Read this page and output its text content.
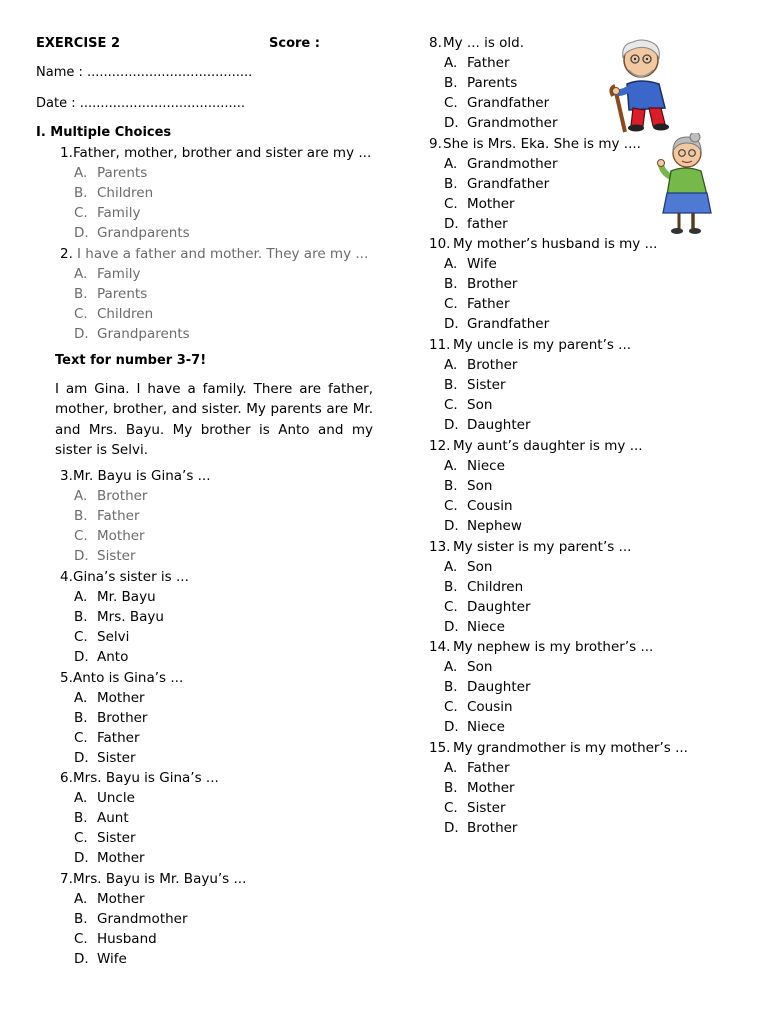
EXERCISE 2	Score :
Name : ........................................
Date : ........................................
I. Multiple Choices
1.Father, mother, brother and sister are my ...
A. Parents
B. Children
C. Family
D. Grandparents
2. I have a father and mother. They are my ...
A. Family
B. Parents
C. Children
D. Grandparents
Text for number 3-7!
I am Gina. I have a family. There are father, mother, brother, and sister. My parents are Mr. and Mrs. Bayu. My brother is Anto and my sister is Selvi.
3.Mr. Bayu is Gina’s ...
A. Brother
B. Father
C. Mother
D. Sister
4.Gina’s sister is ...
A. Mr. Bayu
B. Mrs. Bayu
C. Selvi
D. Anto
5.Anto is Gina’s ...
A. Mother
B. Brother
C. Father
D. Sister
6.Mrs. Bayu is Gina’s ...
A. Uncle
B. Aunt
C. Sister
D. Mother
7.Mrs. Bayu is Mr. Bayu’s ...
A. Mother
B. Grandmother
C. Husband
D. Wife
8.My ... is old.
A. Father
B. Parents
C. Grandfather
D. Grandmother
9.She is Mrs. Eka. She is my ....
A. Grandmother
B. Grandfather
C. Mother
D. father
10. My mother’s husband is my ...
A. Wife
B. Brother
C. Father
D. Grandfather
11. My uncle is my parent’s ...
A. Brother
B. Sister
C. Son
D. Daughter
12. My aunt’s daughter is my ...
A. Niece
B. Son
C. Cousin
D. Nephew
13. My sister is my parent’s ...
A. Son
B. Children
C. Daughter
D. Niece
14. My nephew is my brother’s ...
A. Son
B. Daughter
C. Cousin
D. Niece
15. My grandmother is my mother’s ...
A. Father
B. Mother
C. Sister
D. Brother
